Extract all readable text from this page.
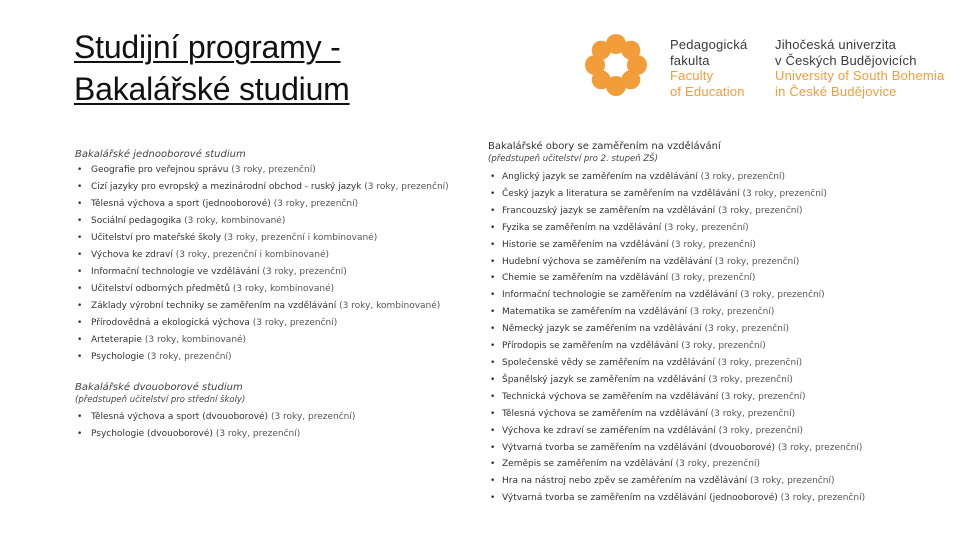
Studijní programy -
Bakalářské studium
Pedagogická
fakulta
Faculty
of Education
Jihočeská univerzita
v Českých Budějovicích
University of South Bohemia
in České Budějovice
Bakalářské jednooborové studium
• Geografie pro veřejnou správu (3 roky, prezenční)
• Cizí jazyky pro evropský a mezinárodní obchod - ruský jazyk (3 roky, prezenční)
• Tělesná výchova a sport (jednooborové) (3 roky, prezenční)
• Sociální pedagogika (3 roky, kombinované)
• Učitelství pro mateřské školy (3 roky, prezenční i kombinované)
• Výchova ke zdraví (3 roky, prezenční i kombinované)
• Informační technologie ve vzdělávání (3 roky, prezenční)
• Učitelství odborných předmětů (3 roky, kombinované)
• Základy výrobní techniky se zaměřením na vzdělávání (3 roky, kombinované)
• Přírodovědná a ekologická výchova (3 roky, prezenční)
• Arteterapie (3 roky, kombinované)
• Psychologie (3 roky, prezenční)
Bakalářské dvouoborové studium
(předstupeň učitelství pro střední školy)
• Tělesná výchova a sport (dvouoborové) (3 roky, prezenční)
• Psychologie (dvouoborové) (3 roky, prezenční)
Bakalářské obory se zaměřením na vzdělávání
(předstupeň učitelství pro 2. stupeň ZŠ)
• Anglický jazyk se zaměřením na vzdělávání (3 roky, prezenční)
• Český jazyk a literatura se zaměřením na vzdělávání (3 roky, prezenční)
• Francouzský jazyk se zaměřením na vzdělávání (3 roky, prezenční)
• Fyzika se zaměřením na vzdělávání (3 roky, prezenční)
• Historie se zaměřením na vzdělávání (3 roky, prezenční)
• Hudební výchova se zaměřením na vzdělávání (3 roky, prezenční)
• Chemie se zaměřením na vzdělávání (3 roky, prezenční)
• Informační technologie se zaměřením na vzdělávání (3 roky, prezenční)
• Matematika se zaměřením na vzdělávání (3 roky, prezenční)
• Německý jazyk se zaměřením na vzdělávání (3 roky, prezenční)
• Přírodopis se zaměřením na vzdělávání (3 roky, prezenční)
• Společenské vědy se zaměřením na vzdělávání (3 roky, prezenční)
• Španělský jazyk se zaměřením na vzdělávání (3 roky, prezenční)
• Technická výchova se zaměřením na vzdělávání (3 roky, prezenční)
• Tělesná výchova se zaměřením na vzdělávání (3 roky, prezenční)
• Výchova ke zdraví se zaměřením na vzdělávání (3 roky, prezenční)
• Výtvarná tvorba se zaměřením na vzdělávání (dvouoborové) (3 roky, prezenční)
• Zeměpis se zaměřením na vzdělávání (3 roky, prezenční)
• Hra na nástroj nebo zpěv se zaměřením na vzdělávání (3 roky, prezenční)
• Výtvarná tvorba se zaměřením na vzdělávání (jednooborové) (3 roky, prezenční)
